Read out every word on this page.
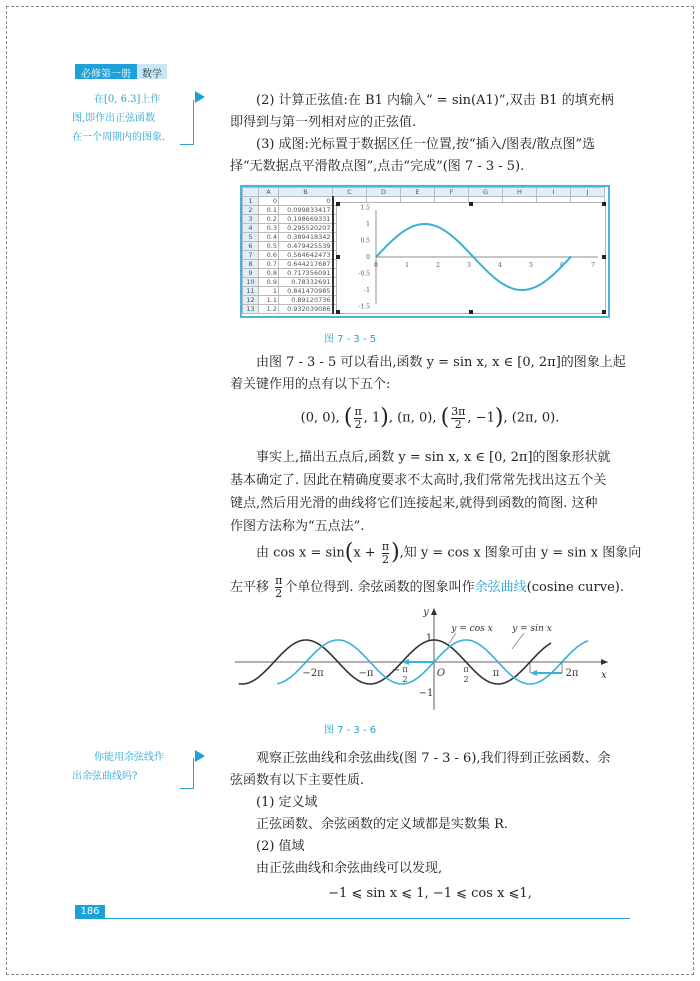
必修第一册	数学
在[0, 6.3]上作
图,即作出正弦函数
在一个周期内的图象.
(2) 计算正弦值:在 B1 内输入“ = sin(A1)”,双击 B1 的填充柄
即得到与第一列相对应的正弦值.
(3) 成图:光标置于数据区任一位置,按“插入/图表/散点图”选
择“无数据点平滑散点图”,点击“完成”(图 7 - 3 - 5).
	A	B	C	D	E	F	G	H	I	J
1	0	0								
2	0.1	0.099833417								
3	0.2	0.198669331								
4	0.3	0.295520207								
5	0.4	0.389418342								
6	0.5	0.479425539								
7	0.6	0.564642473								
8	0.7	0.644217687								
9	0.8	0.717356091								
10	0.9	0.78332691								
11	1	0.841470985								
12	1.1	0.89120736								
13	1.2	0.932039086								
1.5
1
0.5
0
-0.5
-1
-1.5
0	1	2	3	4	5	6	7
图 7 - 3 - 5
由图 7 - 3 - 5 可以看出,函数 y = sin x, x ∈ [0, 2π]的图象上起
着关键作用的点有以下五个:
(0, 0), ( $\frac{\pi}{2}$ , 1), (π, 0), ( $\frac{3\pi}{2}$ , −1), (2π, 0).
事实上,描出五点后,函数 y = sin x, x ∈ [0, 2π]的图象形状就
基本确定了. 因此在精确度要求不太高时,我们常常先找出这五个关
键点,然后用光滑的曲线将它们连接起来,就得到函数的简图. 这种
作图方法称为“五点法”.
由 $\cos x = \sin(x + \frac{\pi}{2}$ ),知 y = cos x 图象可由 y = sin x 图象向
左平移 $\frac{\pi}{2}$ 个单位得到. 余弦函数的图象叫作余弦曲线(cosine curve).
y
x
O
1
−1
−2π	−π − π
2
π
2
π	2π
y = cos x y = sin x
图 7 - 3 - 6
你能用余弦线作
出余弦曲线吗?
观察正弦曲线和余弦曲线(图 7 - 3 - 6),我们得到正弦函数、余
弦函数有以下主要性质.
(1) 定义域
正弦函数、余弦函数的定义域都是实数集 R.
(2) 值域
由正弦曲线和余弦曲线可以发现,
−1 ⩽ sin x ⩽ 1, −1 ⩽ cos x ⩽1,
186
